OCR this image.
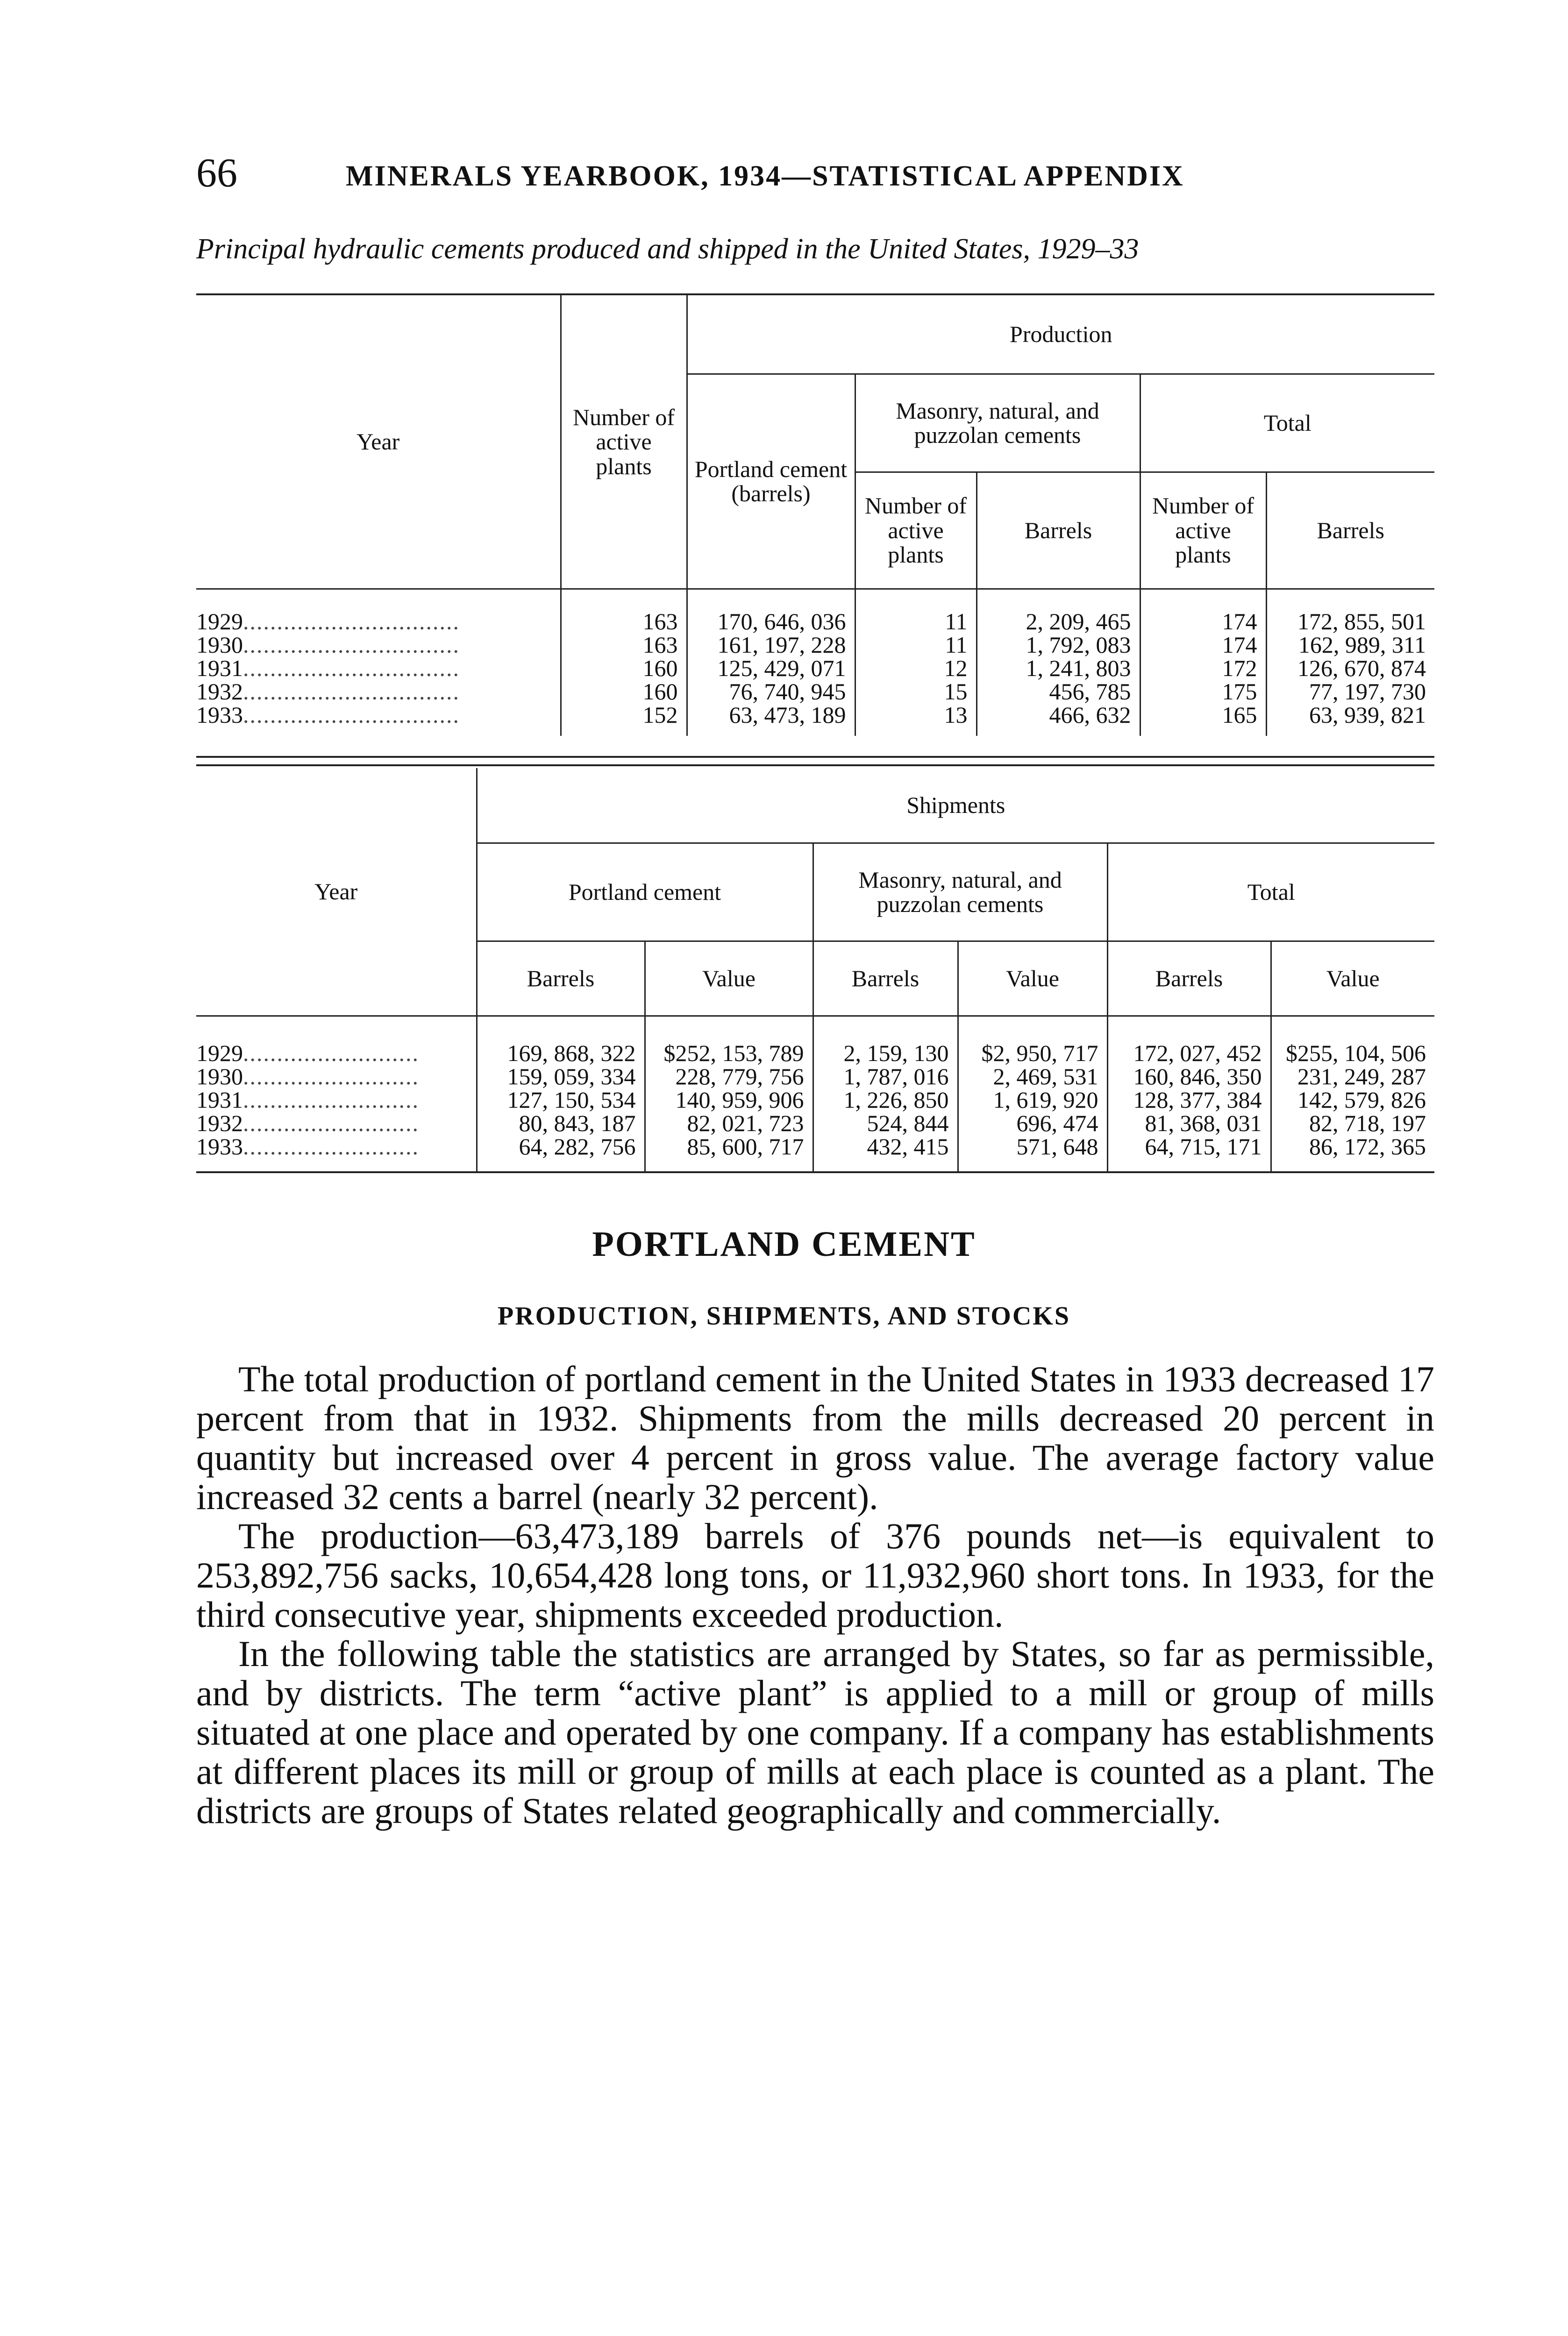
66	MINERALS YEARBOOK, 1934—STATISTICAL APPENDIX
Principal hydraulic cements produced and shipped in the United States, 1929–33
Year	Number of active plants	Production				
		Portland cement (barrels)	Masonry, natural, and puzzolan cements		Total	
			Number of active plants	Barrels	Number of active plants	Barrels

1929................................	163	170, 646, 036	11	2, 209, 465	174	172, 855, 501
1930................................	163	161, 197, 228	11	1, 792, 083	174	162, 989, 311
1931................................	160	125, 429, 071	12	1, 241, 803	172	126, 670, 874
1932................................	160	76, 740, 945	15	456, 785	175	77, 197, 730
1933................................	152	63, 473, 189	13	466, 632	165	63, 939, 821

Year	Shipments					
	Portland cement		Masonry, natural, and puzzolan cements		Total	
	Barrels	Value	Barrels	Value	Barrels	Value

1929..........................	169, 868, 322	$252, 153, 789	2, 159, 130	$2, 950, 717	172, 027, 452	$255, 104, 506
1930..........................	159, 059, 334	228, 779, 756	1, 787, 016	2, 469, 531	160, 846, 350	231, 249, 287
1931..........................	127, 150, 534	140, 959, 906	1, 226, 850	1, 619, 920	128, 377, 384	142, 579, 826
1932..........................	80, 843, 187	82, 021, 723	524, 844	696, 474	81, 368, 031	82, 718, 197
1933..........................	64, 282, 756	85, 600, 717	432, 415	571, 648	64, 715, 171	86, 172, 365

PORTLAND CEMENT
PRODUCTION, SHIPMENTS, AND STOCKS

The total production of portland cement in the United States in 1933 decreased 17 percent from that in 1932. Shipments from the mills decreased 20 percent in quantity but increased over 4 percent in gross value. The average factory value increased 32 cents a barrel (nearly 32 percent).

The production—63,473,189 barrels of 376 pounds net—is equivalent to 253,892,756 sacks, 10,654,428 long tons, or 11,932,960 short tons. In 1933, for the third consecutive year, shipments exceeded production.

In the following table the statistics are arranged by States, so far as permissible, and by districts. The term “active plant” is applied to a mill or group of mills situated at one place and operated by one company. If a company has establishments at different places its mill or group of mills at each place is counted as a plant. The districts are groups of States related geographically and commercially.
